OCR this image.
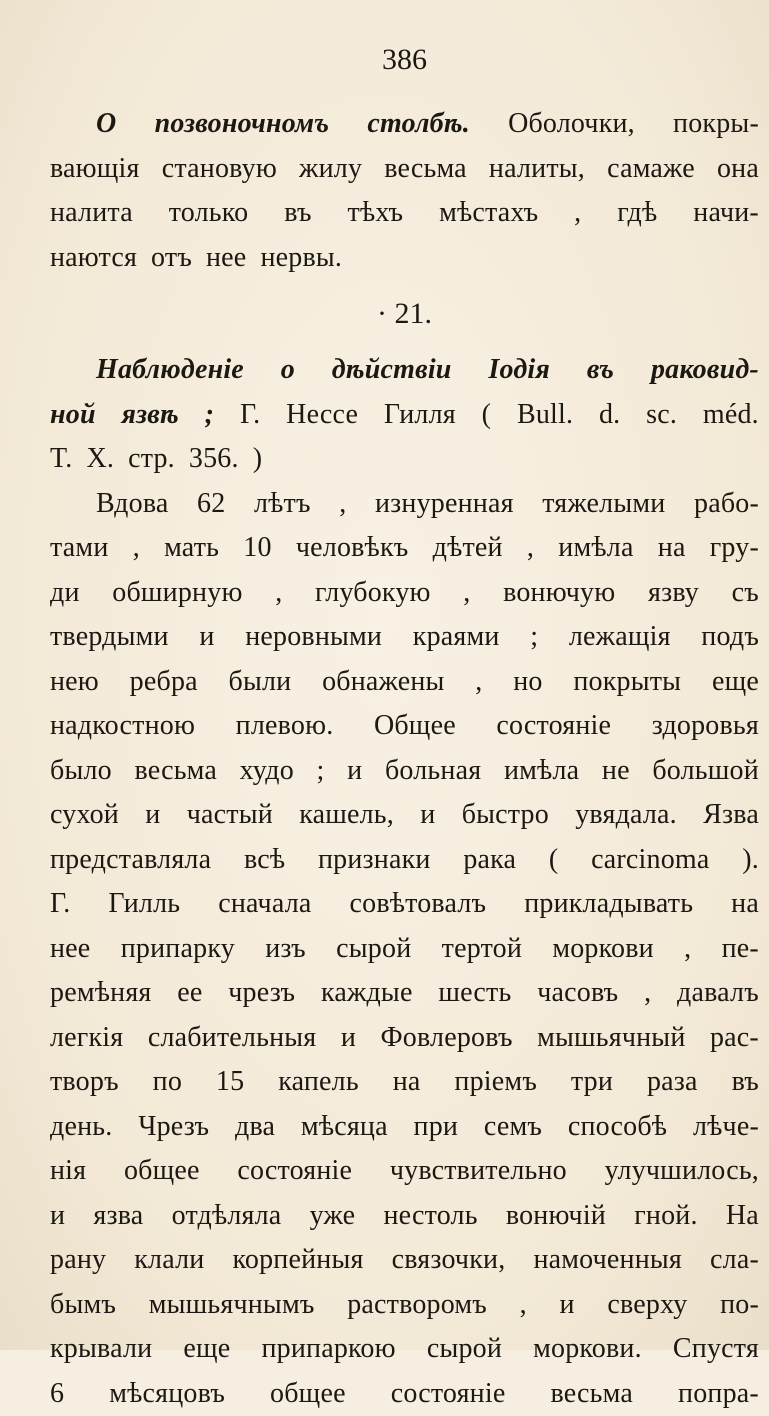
386
О позвоночномъ столбѣ. Оболочки, покры-
вающія становую жилу весьма налиты, самаже она
налита только въ тѣхъ мѣстахъ , гдѣ начи-
наются отъ нее нервы.
· 21.
Наблюденіе о дѣйствіи Іодія въ раковид-
ной язвѣ ; Г. Нессе Гилля ( Bull. d. sc. méd.
T. X. стр. 356. )
Вдова 62 лѣтъ , изнуренная тяжелыми рабо-
тами , мать 10 человѣкъ дѣтей , имѣла на гру-
ди обширную , глубокую , вонючую язву съ
твердыми и неровными краями ; лежащія подъ
нею ребра были обнажены , но покрыты еще
надкостною плевою. Общее состояніе здоровья
было весьма худо ; и больная имѣла не большой
сухой и частый кашель, и быстро увядала. Язва
представляла всѣ признаки рака ( carcinoma ).
Г. Гилль сначала совѣтовалъ прикладывать на
нее припарку изъ сырой тертой моркови , пе-
ремѣняя ее чрезъ каждые шесть часовъ , давалъ
легкія слабительныя и Фовлеровъ мышьячный рас-
творъ по 15 капель на пріемъ три раза въ
день. Чрезъ два мѣсяца при семъ способѣ лѣче-
нія общее состояніе чувствительно улучшилось,
и язва отдѣляла уже нестоль вонючій гной. На
рану клали корпейныя связочки, намоченныя сла-
бымъ мышьячнымъ растворомъ , и сверху по-
крывали еще припаркою сырой моркови. Спустя
6 мѣсяцовъ общее состояніе весьма попра-
